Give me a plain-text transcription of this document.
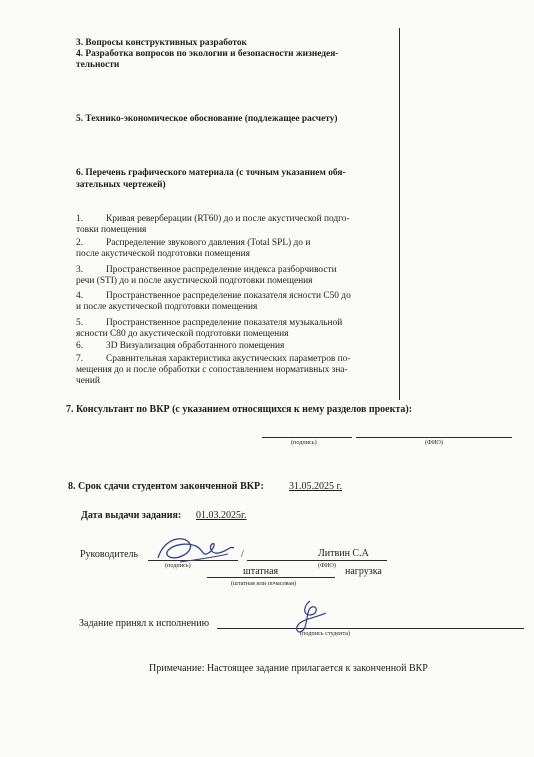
3. Вопросы конструктивных разработок
4. Разработка вопросов по экологии и безопасности жизнедея-
тельности
5. Технико-экономическое обоснование (подлежащее расчету)
6. Перечень графического материала (с точным указанием обя-
зательных чертежей)
1. Кривая реверберации (RT60) до и после акустической подго-
товки помещения
2. Распределение звукового давления (Total SPL) до и
после акустической подготовки помещения
3. Пространственное распределение индекса разборчивости
речи (STI) до и после акустической подготовки помещения
4. Пространственное распределение показателя ясности C50 до
и после акустической подготовки помещения
5. Пространственное распределение показателя музыкальной
ясности C80 до акустической подготовки помещения
6. 3D Визуализация обработанного помещения
7. Сравнительная характеристика акустических параметров по-
мещения до и после обработки с сопоставлением нормативных зна-
чений
7. Консультант по ВКР (с указанием относящихся к нему разделов проекта):
(подпись)	(ФИО)
8. Срок сдачи студентом законченной ВКР:	31.05.2025 г.
Дата выдачи задания: 01.03.2025г.
Руководитель	/	Литвин С.А
(подпись)	(ФИО)
штатная	нагрузка
(штатная или почасовая)
Задание принял к исполнению
(подпись студента)
Примечание: Настоящее задание прилагается к законченной ВКР
